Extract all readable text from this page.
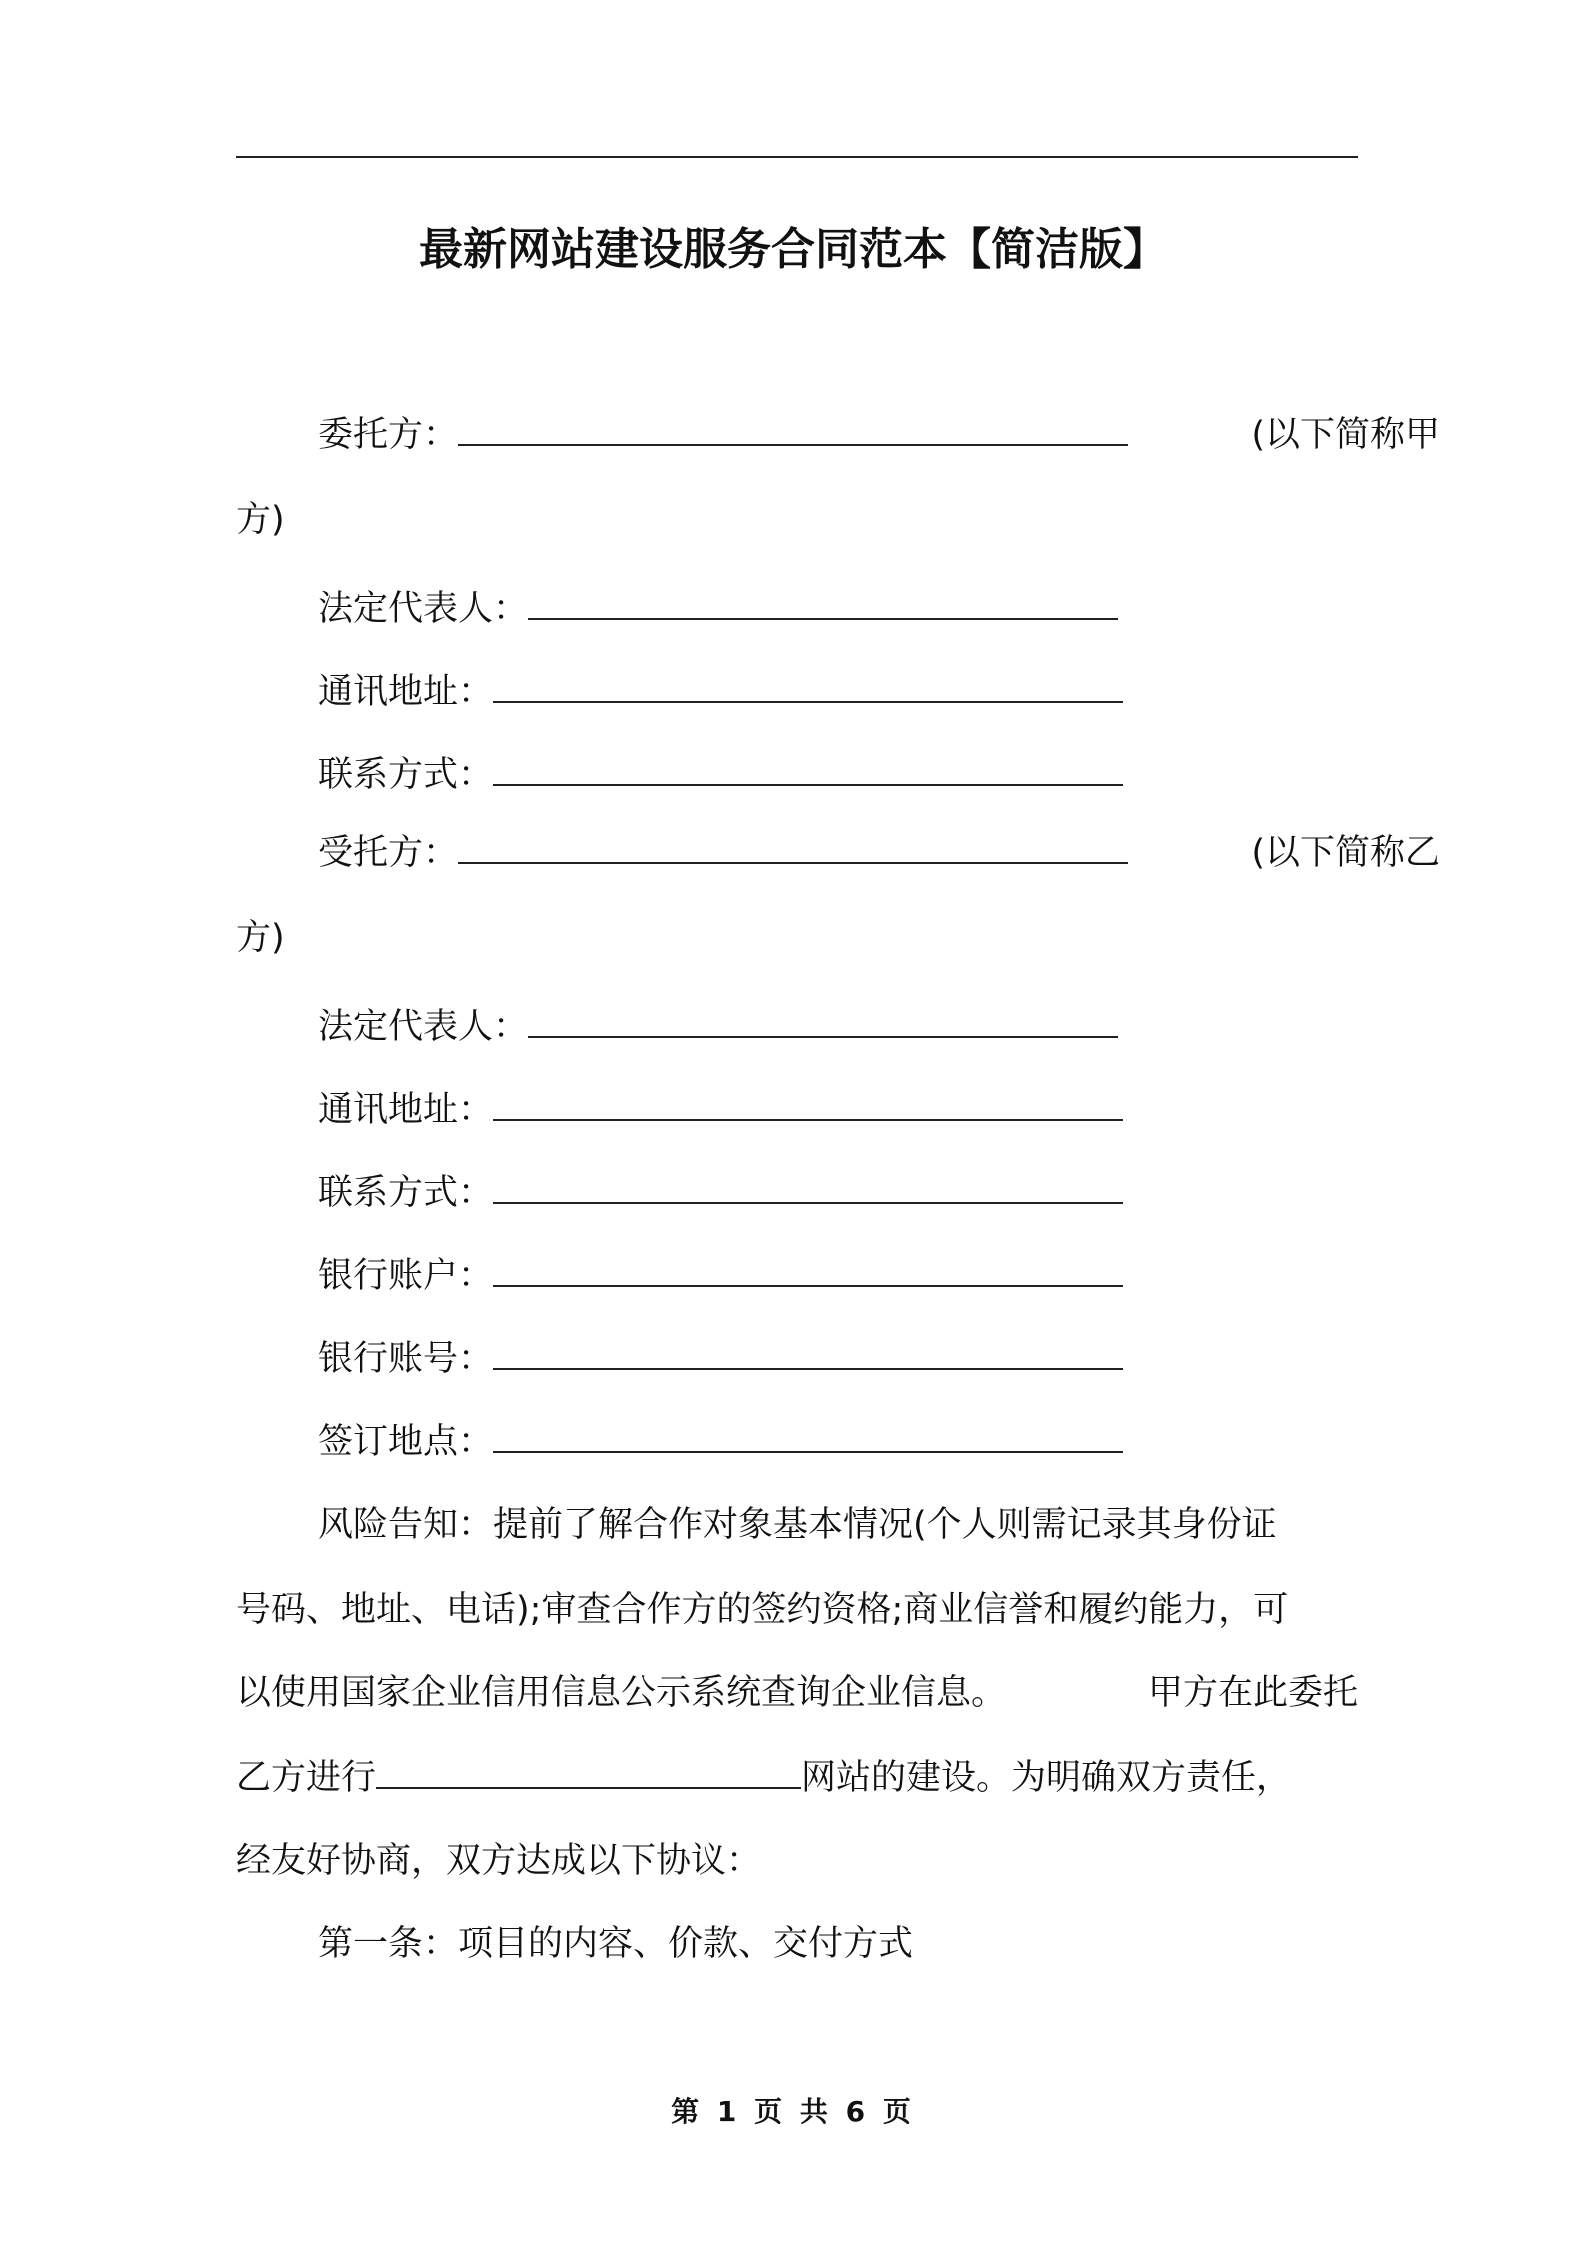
最新网站建设服务合同范本【简洁版】
委托方：	(以下简称甲
方)
法定代表人：
通讯地址：
联系方式：
受托方：	(以下简称乙
方)
法定代表人：
通讯地址：
联系方式：
银行账户：
银行账号：
签订地点：
风险告知：提前了解合作对象基本情况(个人则需记录其身份证
号码、地址、电话);审查合作方的签约资格;商业信誉和履约能力，可
以使用国家企业信用信息公示系统查询企业信息。	甲方在此委托
乙方进行	网站的建设。为明确双方责任，
经友好协商，双方达成以下协议：
第一条：项目的内容、价款、交付方式
第 1 页 共 6 页
